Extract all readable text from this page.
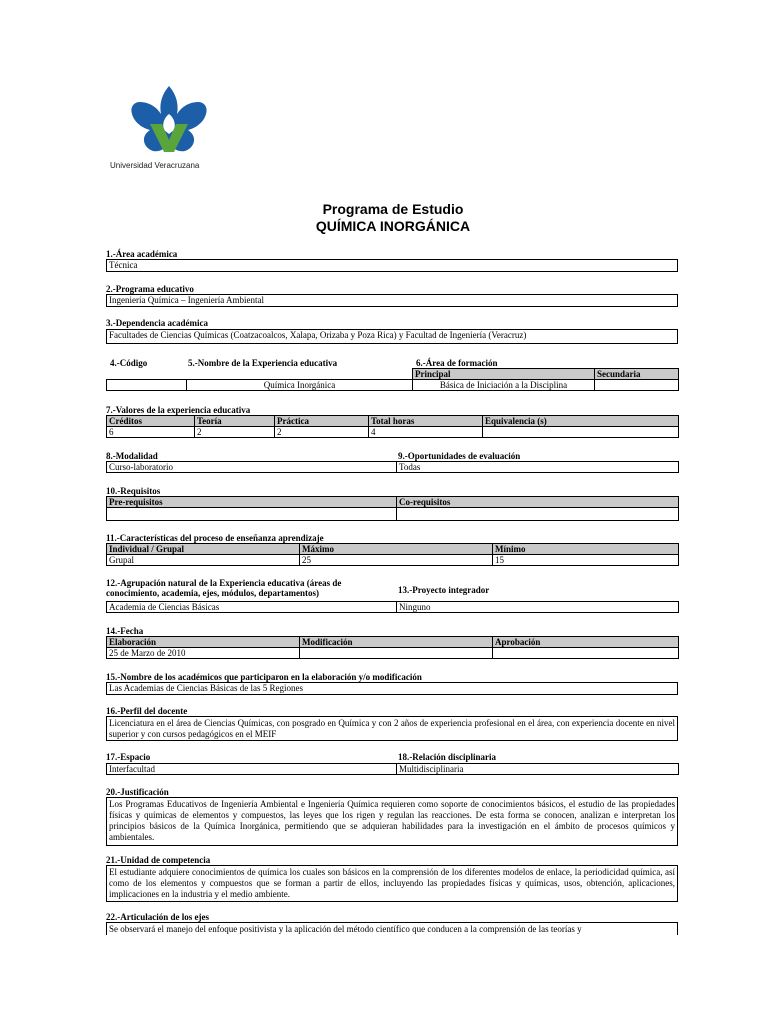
Universidad Veracruzana
Programa de Estudio
QUÍMICA INORGÁNICA
1.-Área académica
Técnica
2.-Programa educativo
Ingeniería Química – Ingeniería Ambiental
3.-Dependencia académica
Facultades de Ciencias Químicas (Coatzacoalcos, Xalapa, Orizaba y Poza Rica) y Facultad de Ingeniería (Veracruz)
4.-Código	5.-Nombre de la Experiencia educativa	6.-Área de formación
		Principal	Secundaria
	Química Inorgánica	Básica de Iniciación a la Disciplina	
7.-Valores de la experiencia educativa
Créditos	Teoría	Práctica	Total horas	Equivalencia (s)
6	2	2	4	
8.-Modalidad	9.-Oportunidades de evaluación
Curso-laboratorio	Todas
10.-Requisitos
Pre-requisitos	Co-requisitos

11.-Características del proceso de enseñanza aprendizaje
Individual / Grupal	Máximo	Mínimo
Grupal	25	15
12.-Agrupación natural de la Experiencia educativa (áreas de
conocimiento, academia, ejes, módulos, departamentos)	13.-Proyecto integrador
Academia de Ciencias Básicas	Ninguno
14.-Fecha
Elaboración	Modificación	Aprobación
25 de Marzo de 2010		
15.-Nombre de los académicos que participaron en la elaboración y/o modificación
Las Academias de Ciencias Básicas de las 5 Regiones
16.-Perfil del docente
Licenciatura en el área de Ciencias Químicas, con posgrado en Química y con 2 años de experiencia profesional en el área, con experiencia docente en nivel superior y con cursos pedagógicos en el MEIF
17.-Espacio	18.-Relación disciplinaria
Interfacultad	Multidisciplinaria
20.-Justificación
Los Programas Educativos de Ingeniería Ambiental e Ingeniería Química requieren como soporte de conocimientos básicos, el estudio de las propiedades físicas y químicas de elementos y compuestos, las leyes que los rigen y regulan las reacciones. De esta forma se conocen, analizan e interpretan los principios básicos de la Química Inorgánica, permitiendo que se adquieran habilidades para la investigación en el ámbito de procesos químicos y ambientales.
21.-Unidad de competencia
El estudiante adquiere conocimientos de química los cuales son básicos en la comprensión de los diferentes modelos de enlace, la periodicidad química, así como de los elementos y compuestos que se forman a partir de ellos, incluyendo las propiedades físicas y químicas, usos, obtención, aplicaciones, implicaciones en la industria y el medio ambiente.
22.-Articulación de los ejes
Se observará el manejo del enfoque positivista y la aplicación del método científico que conducen a la comprensión de las teorías y
